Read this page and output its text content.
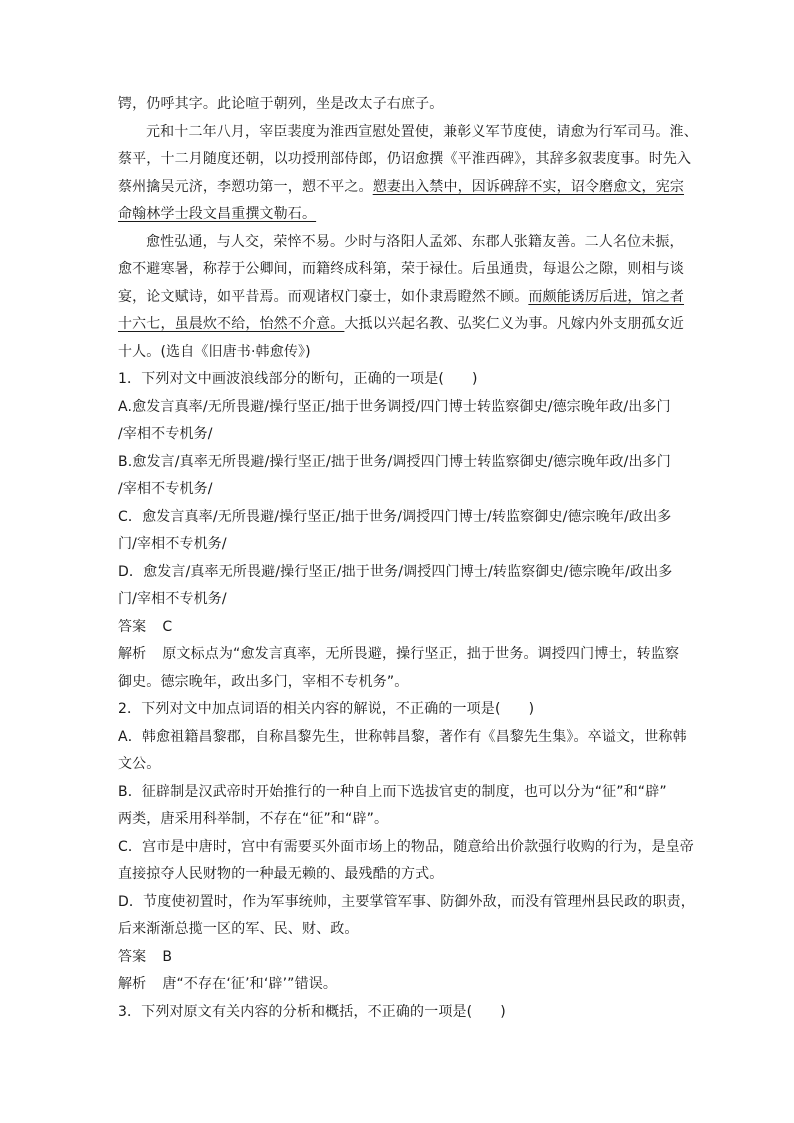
锷，仍呼其字。此论喧于朝列，坐是改太子右庶子。
元和十二年八月，宰臣裴度为淮西宣慰处置使，兼彰义军节度使，请愈为行军司马。淮、
蔡平，十二月随度还朝，以功授刑部侍郎，仍诏愈撰《平淮西碑》，其辞多叙裴度事。时先入
蔡州擒吴元济，李愬功第一，愬不平之。愬妻出入禁中，因诉碑辞不实，诏令磨愈文，宪宗
命翰林学士段文昌重撰文勒石。
愈性弘通，与人交，荣悴不易。少时与洛阳人孟郊、东郡人张籍友善。二人名位未振，
愈不避寒暑，称荐于公卿间，而籍终成科第，荣于禄仕。后虽通贵，每退公之隙，则相与谈
宴，论文赋诗，如平昔焉。而观诸权门豪士，如仆隶焉瞪然不顾。而颇能诱厉后进，馆之者
十六七，虽晨炊不给，怡然不介意。大抵以兴起名教、弘奖仁义为事。凡嫁内外支朋孤女近
十人。(选自《旧唐书·韩愈传》)
1．下列对文中画波浪线部分的断句，正确的一项是( )
A.愈发言真率/无所畏避/操行坚正/拙于世务调授/四门博士转监察御史/德宗晚年政/出多门
/宰相不专机务/
B.愈发言/真率无所畏避/操行坚正/拙于世务/调授四门博士转监察御史/德宗晚年政/出多门
/宰相不专机务/
C．愈发言真率/无所畏避/操行坚正/拙于世务/调授四门博士/转监察御史/德宗晚年/政出多
门/宰相不专机务/
D．愈发言/真率无所畏避/操行坚正/拙于世务/调授四门博士/转监察御史/德宗晚年/政出多
门/宰相不专机务/
答案 C
解析 原文标点为“愈发言真率，无所畏避，操行坚正，拙于世务。调授四门博士，转监察
御史。德宗晚年，政出多门，宰相不专机务”。
2．下列对文中加点词语的相关内容的解说，不正确的一项是( )
A．韩愈祖籍昌黎郡，自称昌黎先生，世称韩昌黎，著作有《昌黎先生集》。卒谥文，世称韩
文公。
B．征辟制是汉武帝时开始推行的一种自上而下选拔官吏的制度，也可以分为“征”和“辟”
两类，唐采用科举制，不存在“征”和“辟”。
C．宫市是中唐时，宫中有需要买外面市场上的物品，随意给出价款强行收购的行为，是皇帝
直接掠夺人民财物的一种最无赖的、最残酷的方式。
D．节度使初置时，作为军事统帅，主要掌管军事、防御外敌，而没有管理州县民政的职责，
后来渐渐总揽一区的军、民、财、政。
答案 B
解析 唐“不存在‘征’和‘辟’”错误。
3．下列对原文有关内容的分析和概括，不正确的一项是( )
